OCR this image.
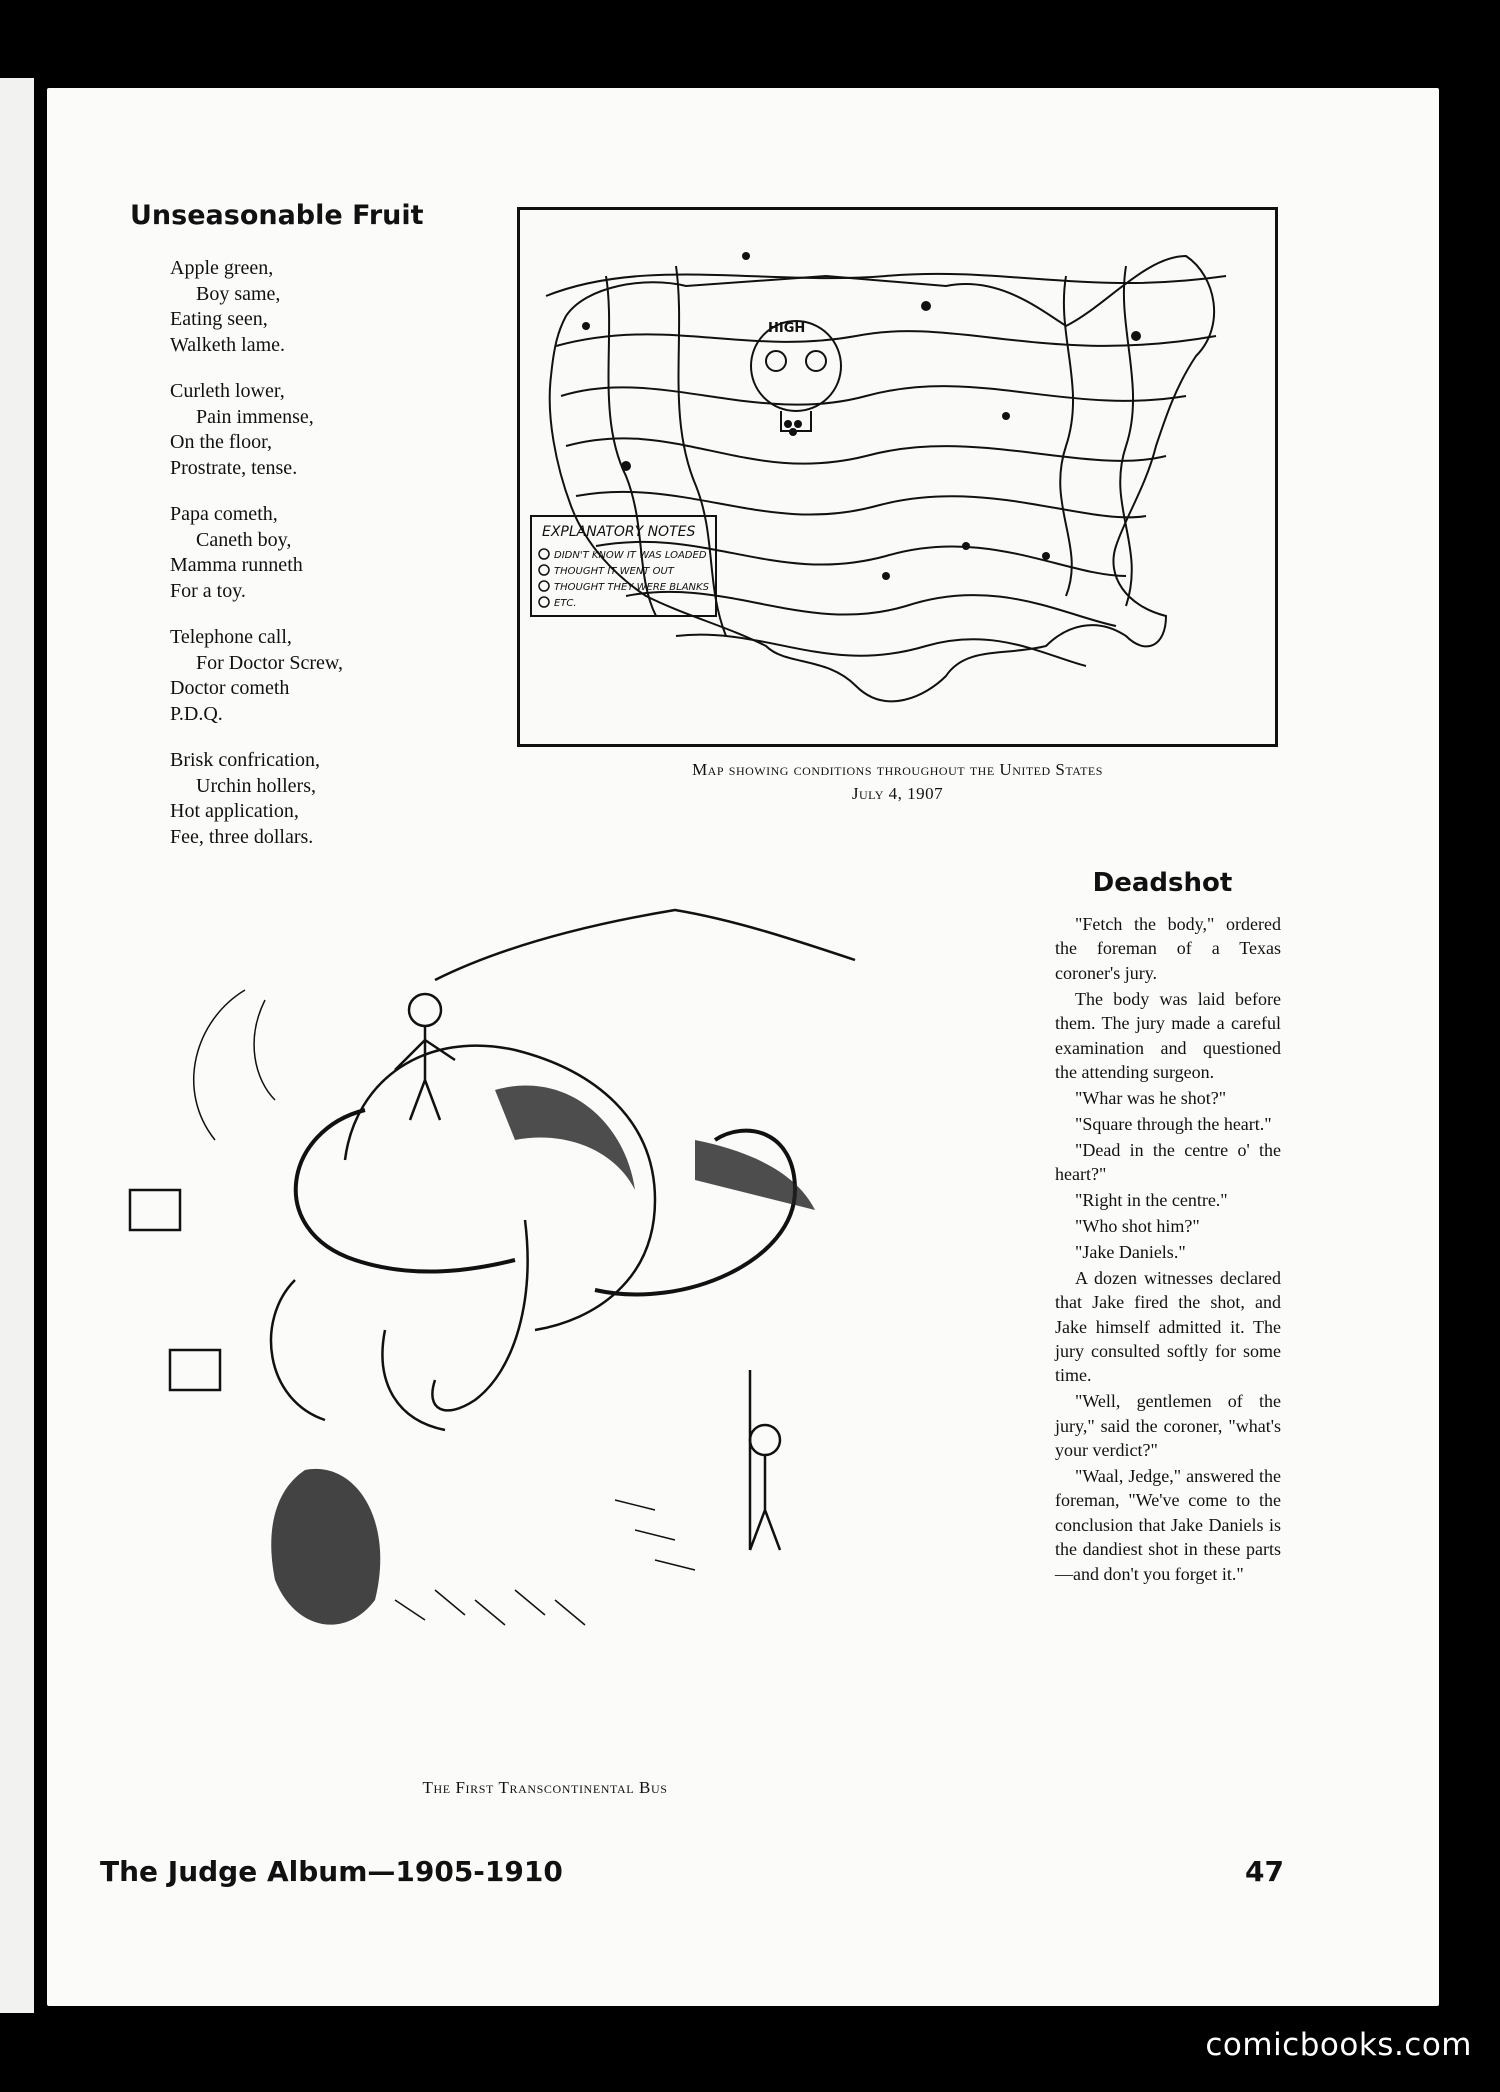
Unseasonable Fruit

Apple green,

Boy same,

Eating seen,

Walketh lame.

Curleth lower,

Pain immense,

On the floor,

Prostrate, tense.

Papa cometh,

Caneth boy,

Mamma runneth

For a toy.

Telephone call,

For Doctor Screw,

Doctor cometh

P.D.Q.

Brisk confrication,

Urchin hollers,

Hot application,

Fee, three dollars.

HIGH
EXPLANATORY NOTES
DIDN'T KNOW IT WAS LOADED
THOUGHT IT WENT OUT
THOUGHT THEY WERE BLANKS
ETC.

Map showing conditions throughout the United States

July 4, 1907

Deadshot

"Fetch the body," ordered the foreman of a Texas coroner's jury.

The body was laid before them. The jury made a careful examination and questioned the attending surgeon.

"Whar was he shot?"

"Square through the heart."

"Dead in the centre o' the heart?"

"Right in the centre."

"Who shot him?"

"Jake Daniels."

A dozen witnesses declared that Jake fired the shot, and Jake himself admitted it. The jury consulted softly for some time.

"Well, gentlemen of the jury," said the coroner, "what's your verdict?"

"Waal, Jedge," answered the foreman, "We've come to the conclusion that Jake Daniels is the dandiest shot in these parts—and don't you forget it."

The First Transcontinental Bus

The Judge Album—1905-1910	47

comicbooks.com
